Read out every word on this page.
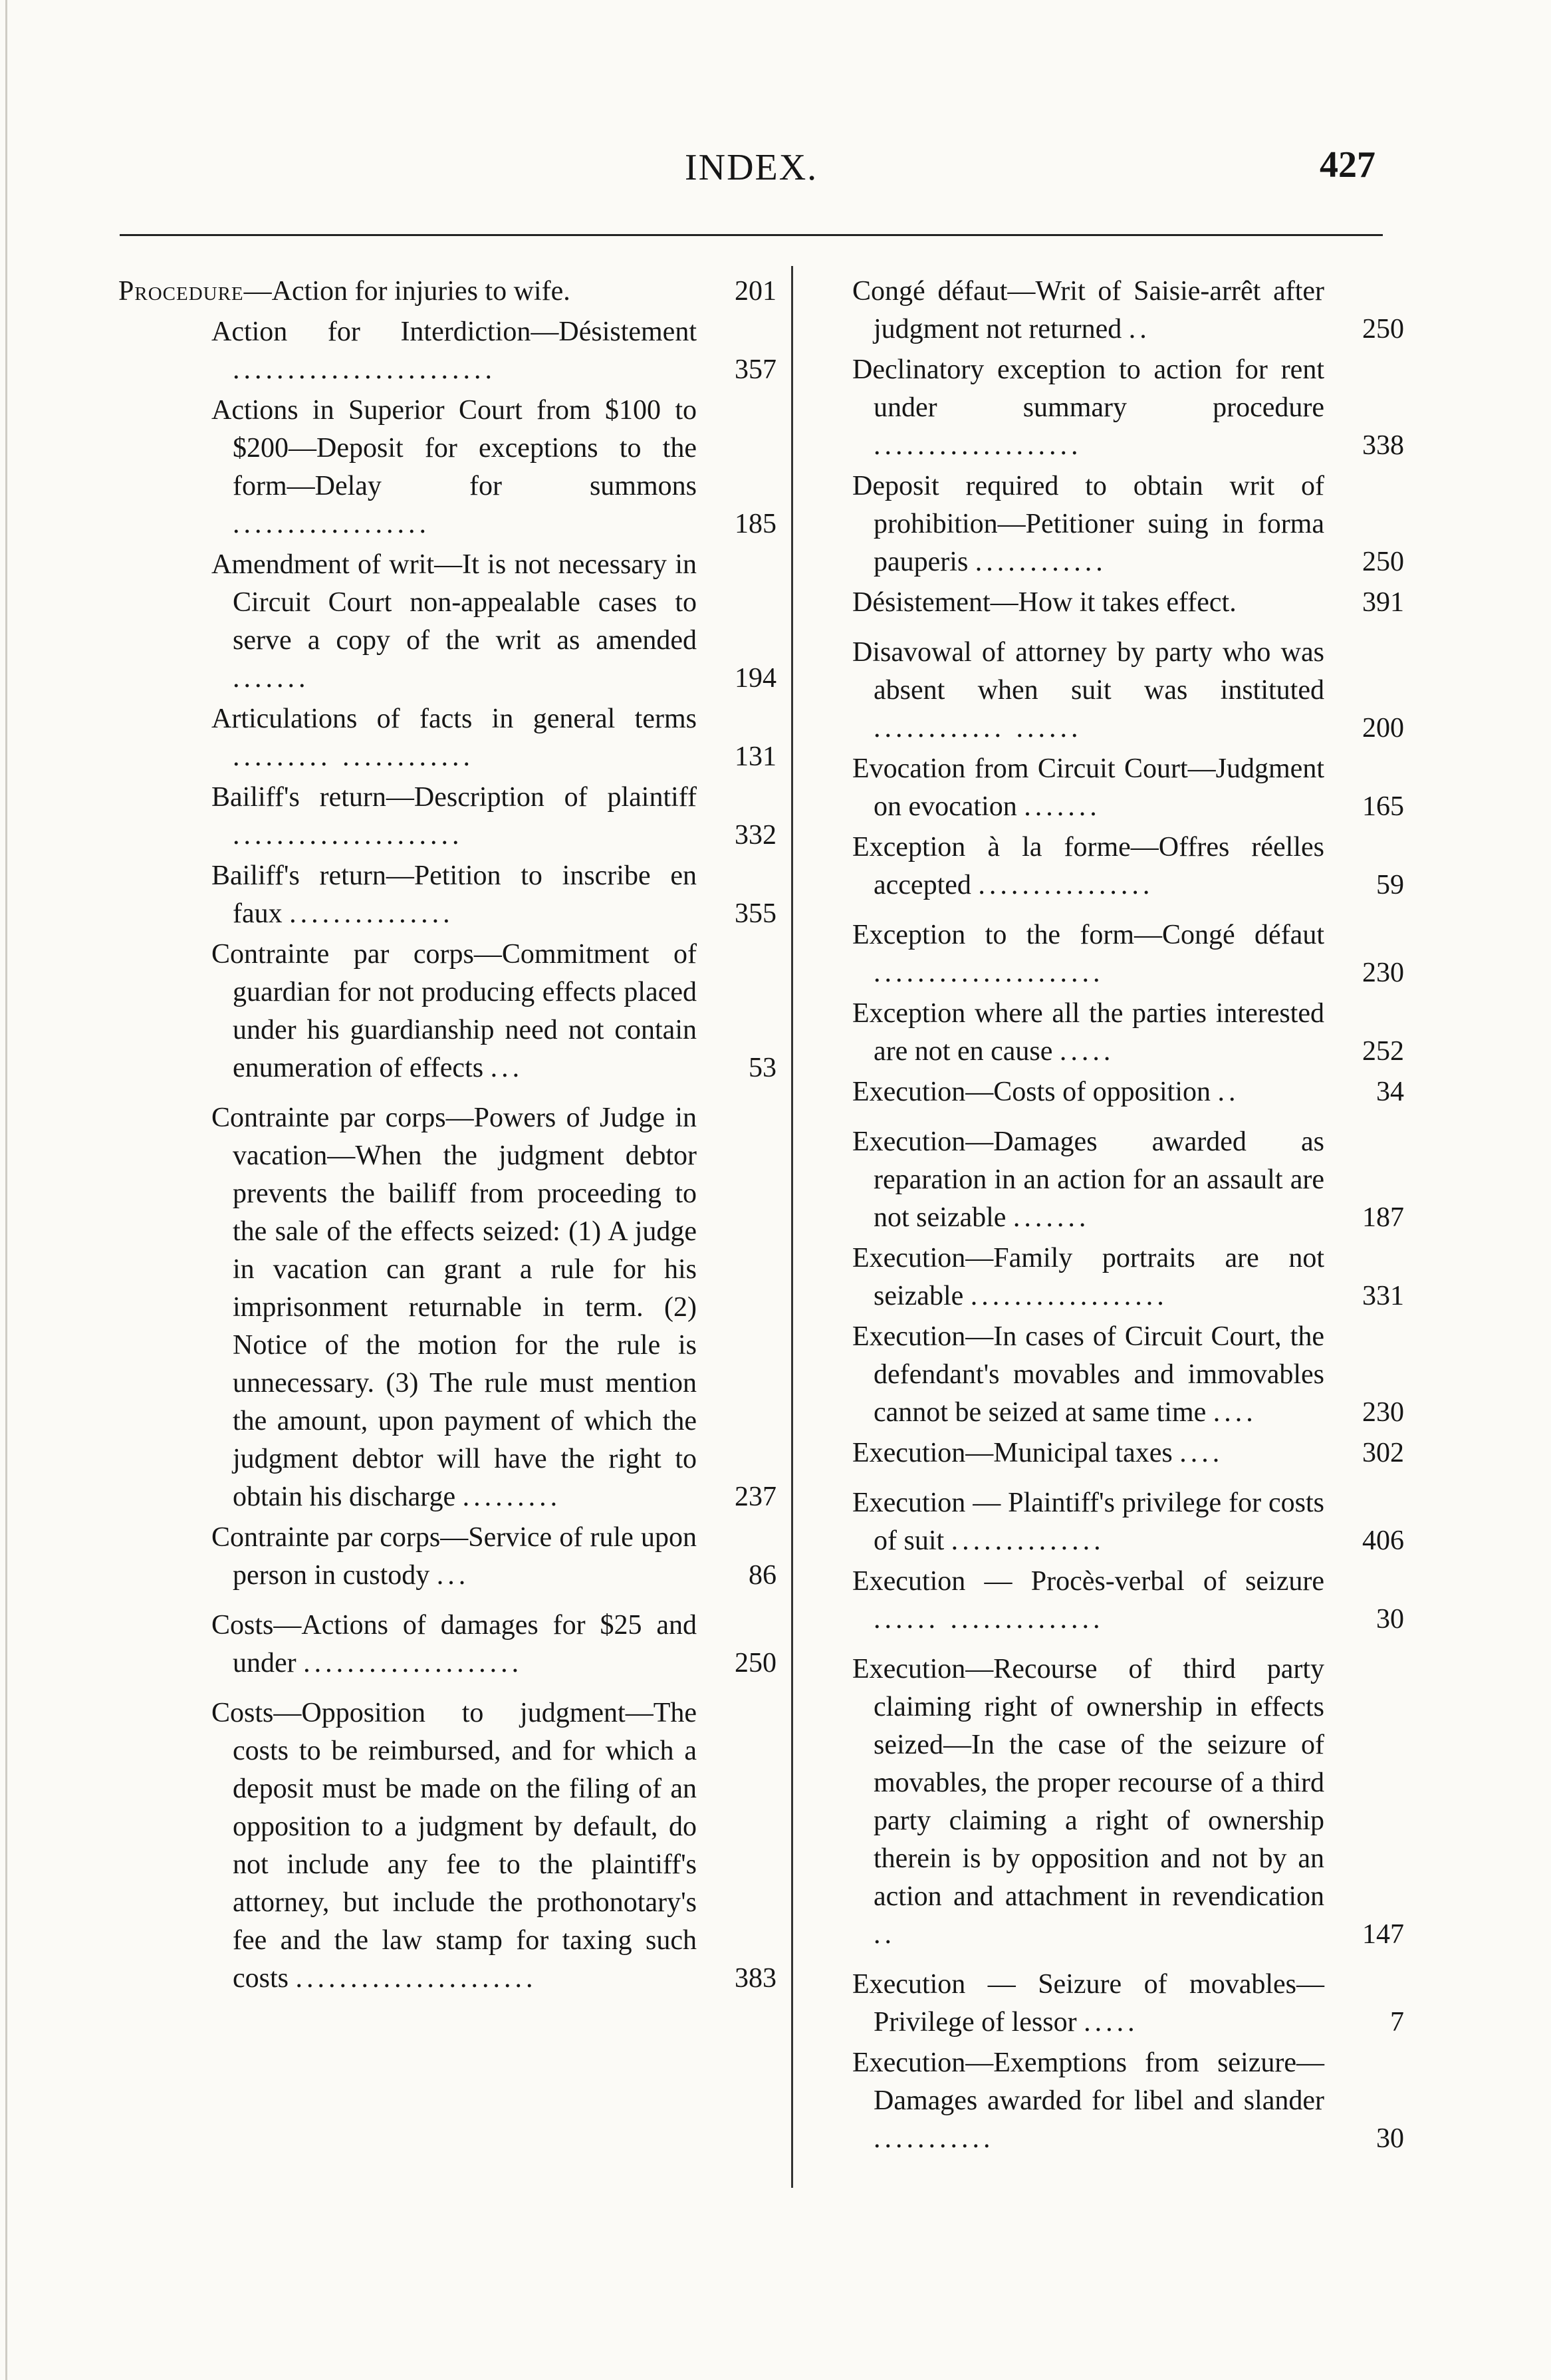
INDEX.	427
Procedure—Action for injuries to wife.	201
Action for Interdiction—Désistement ........................	357
Actions in Superior Court from $100 to $200—Deposit for exceptions to the form—Delay for summons ..................	185
Amendment of writ—It is not necessary in Circuit Court non-appealable cases to serve a copy of the writ as amended .......	194
Articulations of facts in general terms ......... ............	131
Bailiff's return—Description of plaintiff .....................	332
Bailiff's return—Petition to inscribe en faux ...............	355
Contrainte par corps—Commitment of guardian for not producing effects placed under his guardianship need not contain enumeration of effects ...	53
Contrainte par corps—Powers of Judge in vacation—When the judgment debtor prevents the bailiff from proceeding to the sale of the effects seized: (1) A judge in vacation can grant a rule for his imprisonment returnable in term. (2) Notice of the motion for the rule is unnecessary. (3) The rule must mention the amount, upon payment of which the judgment debtor will have the right to obtain his discharge .........	237
Contrainte par corps—Service of rule upon person in custody ...	86
Costs—Actions of damages for $25 and under ....................	250
Costs—Opposition to judgment—The costs to be reimbursed, and for which a deposit must be made on the filing of an opposition to a judgment by default, do not include any fee to the plaintiff's attorney, but include the prothonotary's fee and the law stamp for taxing such costs ......................	383
Congé défaut—Writ of Saisie-arrêt after judgment not returned ..	250
Declinatory exception to action for rent under summary procedure ...................	338
Deposit required to obtain writ of prohibition—Petitioner suing in forma pauperis ............	250
Désistement—How it takes effect.	391
Disavowal of attorney by party who was absent when suit was instituted ............ ......	200
Evocation from Circuit Court—Judgment on evocation .......	165
Exception à la forme—Offres réelles accepted ................	59
Exception to the form—Congé défaut .....................	230
Exception where all the parties interested are not en cause .....	252
Execution—Costs of opposition ..	34
Execution—Damages awarded as reparation in an action for an assault are not seizable .......	187
Execution—Family portraits are not seizable ..................	331
Execution—In cases of Circuit Court, the defendant's movables and immovables cannot be seized at same time ....	230
Execution—Municipal taxes ....	302
Execution — Plaintiff's privilege for costs of suit ..............	406
Execution — Procès-verbal of seizure ...... ..............	30
Execution—Recourse of third party claiming right of ownership in effects seized—In the case of the seizure of movables, the proper recourse of a third party claiming a right of ownership therein is by opposition and not by an action and attachment in revendication ..	147
Execution — Seizure of movables—Privilege of lessor .....	7
Execution—Exemptions from seizure—Damages awarded for libel and slander ...........	30
